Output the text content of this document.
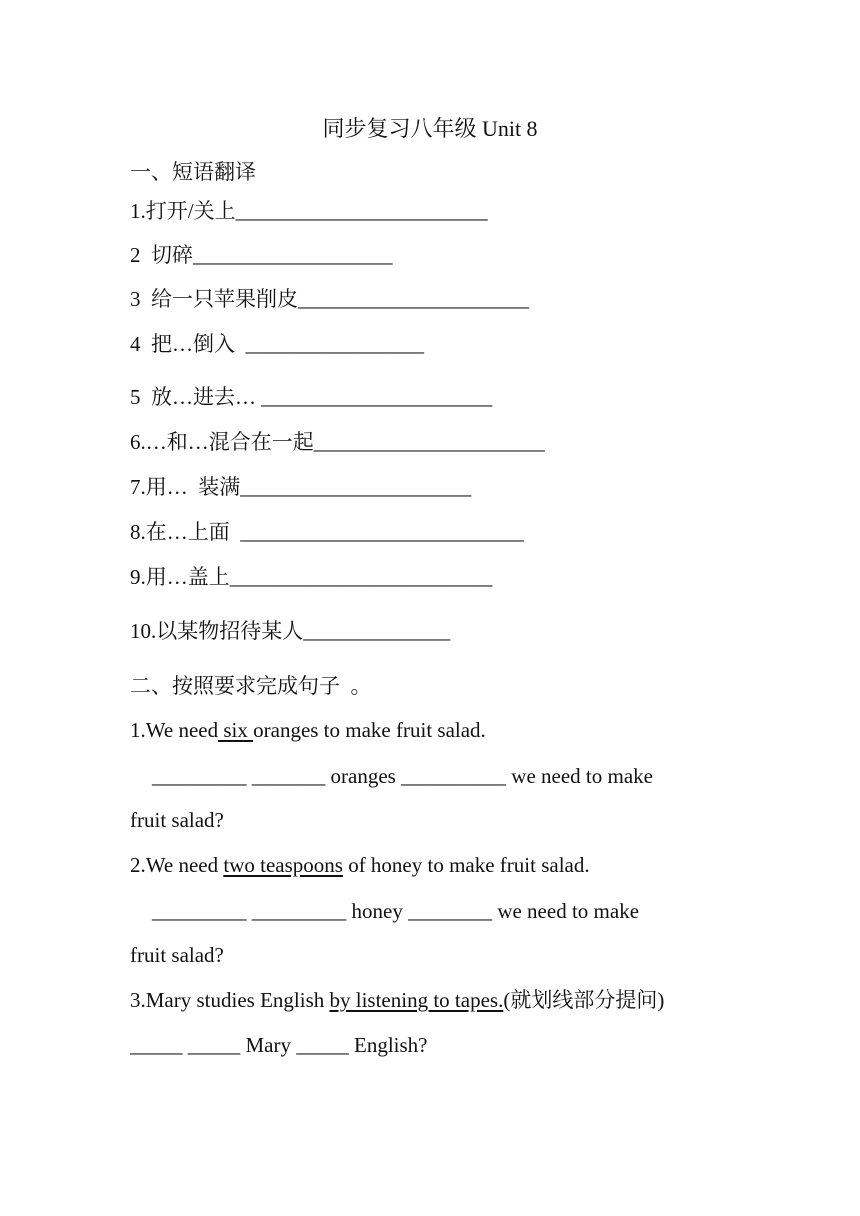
同步复习八年级 Unit 8
一、短语翻译
1.打开/关上________________________
2  切碎___________________
3  给一只苹果削皮______________________
4  把…倒入  _________________
5  放…进去… ______________________
6.…和…混合在一起______________________
7.用…  装满______________________
8.在…上面  ___________________________
9.用…盖上_________________________
10.以某物招待某人______________
二、按照要求完成句子  。
1.We need six oranges to make fruit salad.
_________ _______ oranges __________ we need to make
fruit salad?
2.We need two teaspoons of honey to make fruit salad.
_________ _________ honey ________ we need to make
fruit salad?
3.Mary studies English by listening to tapes.(就划线部分提问)
_____ _____ Mary _____ English?
